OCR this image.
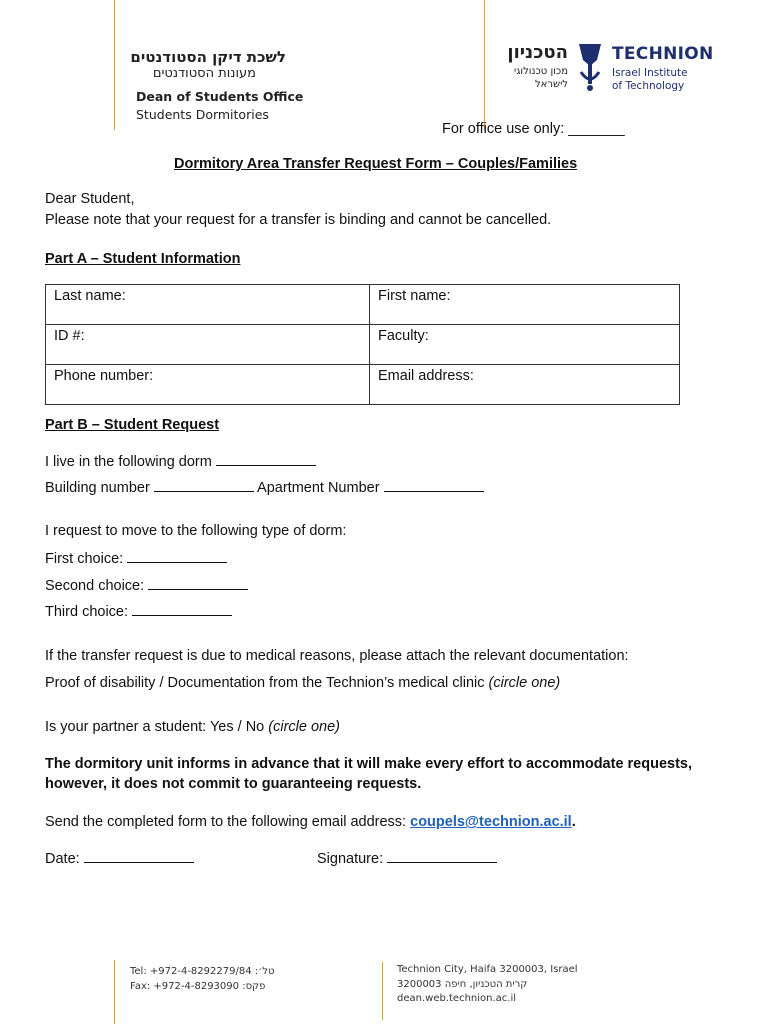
לשכת דיקן הסטודנטים
מעונות הסטודנטים
Dean of Students Office
Students Dormitories
הטכניון
מכון טכנולוגי
לישראל
TECHNION
Israel Institute
of Technology
For office use only: _______
Dormitory Area Transfer Request Form – Couples/Families
Dear Student,
Please note that your request for a transfer is binding and cannot be cancelled.
Part A – Student Information
Last name:	First name:
ID #:	Faculty:
Phone number:	Email address:
Part B – Student Request
I live in the following dorm
Building number	Apartment Number
I request to move to the following type of dorm:
First choice:
Second choice:
Third choice:
If the transfer request is due to medical reasons, please attach the relevant documentation:
Proof of disability / Documentation from the Technion’s medical clinic (circle one)
Is your partner a student: Yes / No (circle one)
The dormitory unit informs in advance that it will make every effort to accommodate requests,
however, it does not commit to guaranteeing requests.
Send the completed form to the following email address: coupels@technion.ac.il.
Date:	Signature:
Tel: +972-4-8292279/84 :טל׳
Fax: +972-4-8293090 :פקס
Technion City, Haifa 3200003, Israel
קרית הטכניון, חיפה 3200003
dean.web.technion.ac.il
